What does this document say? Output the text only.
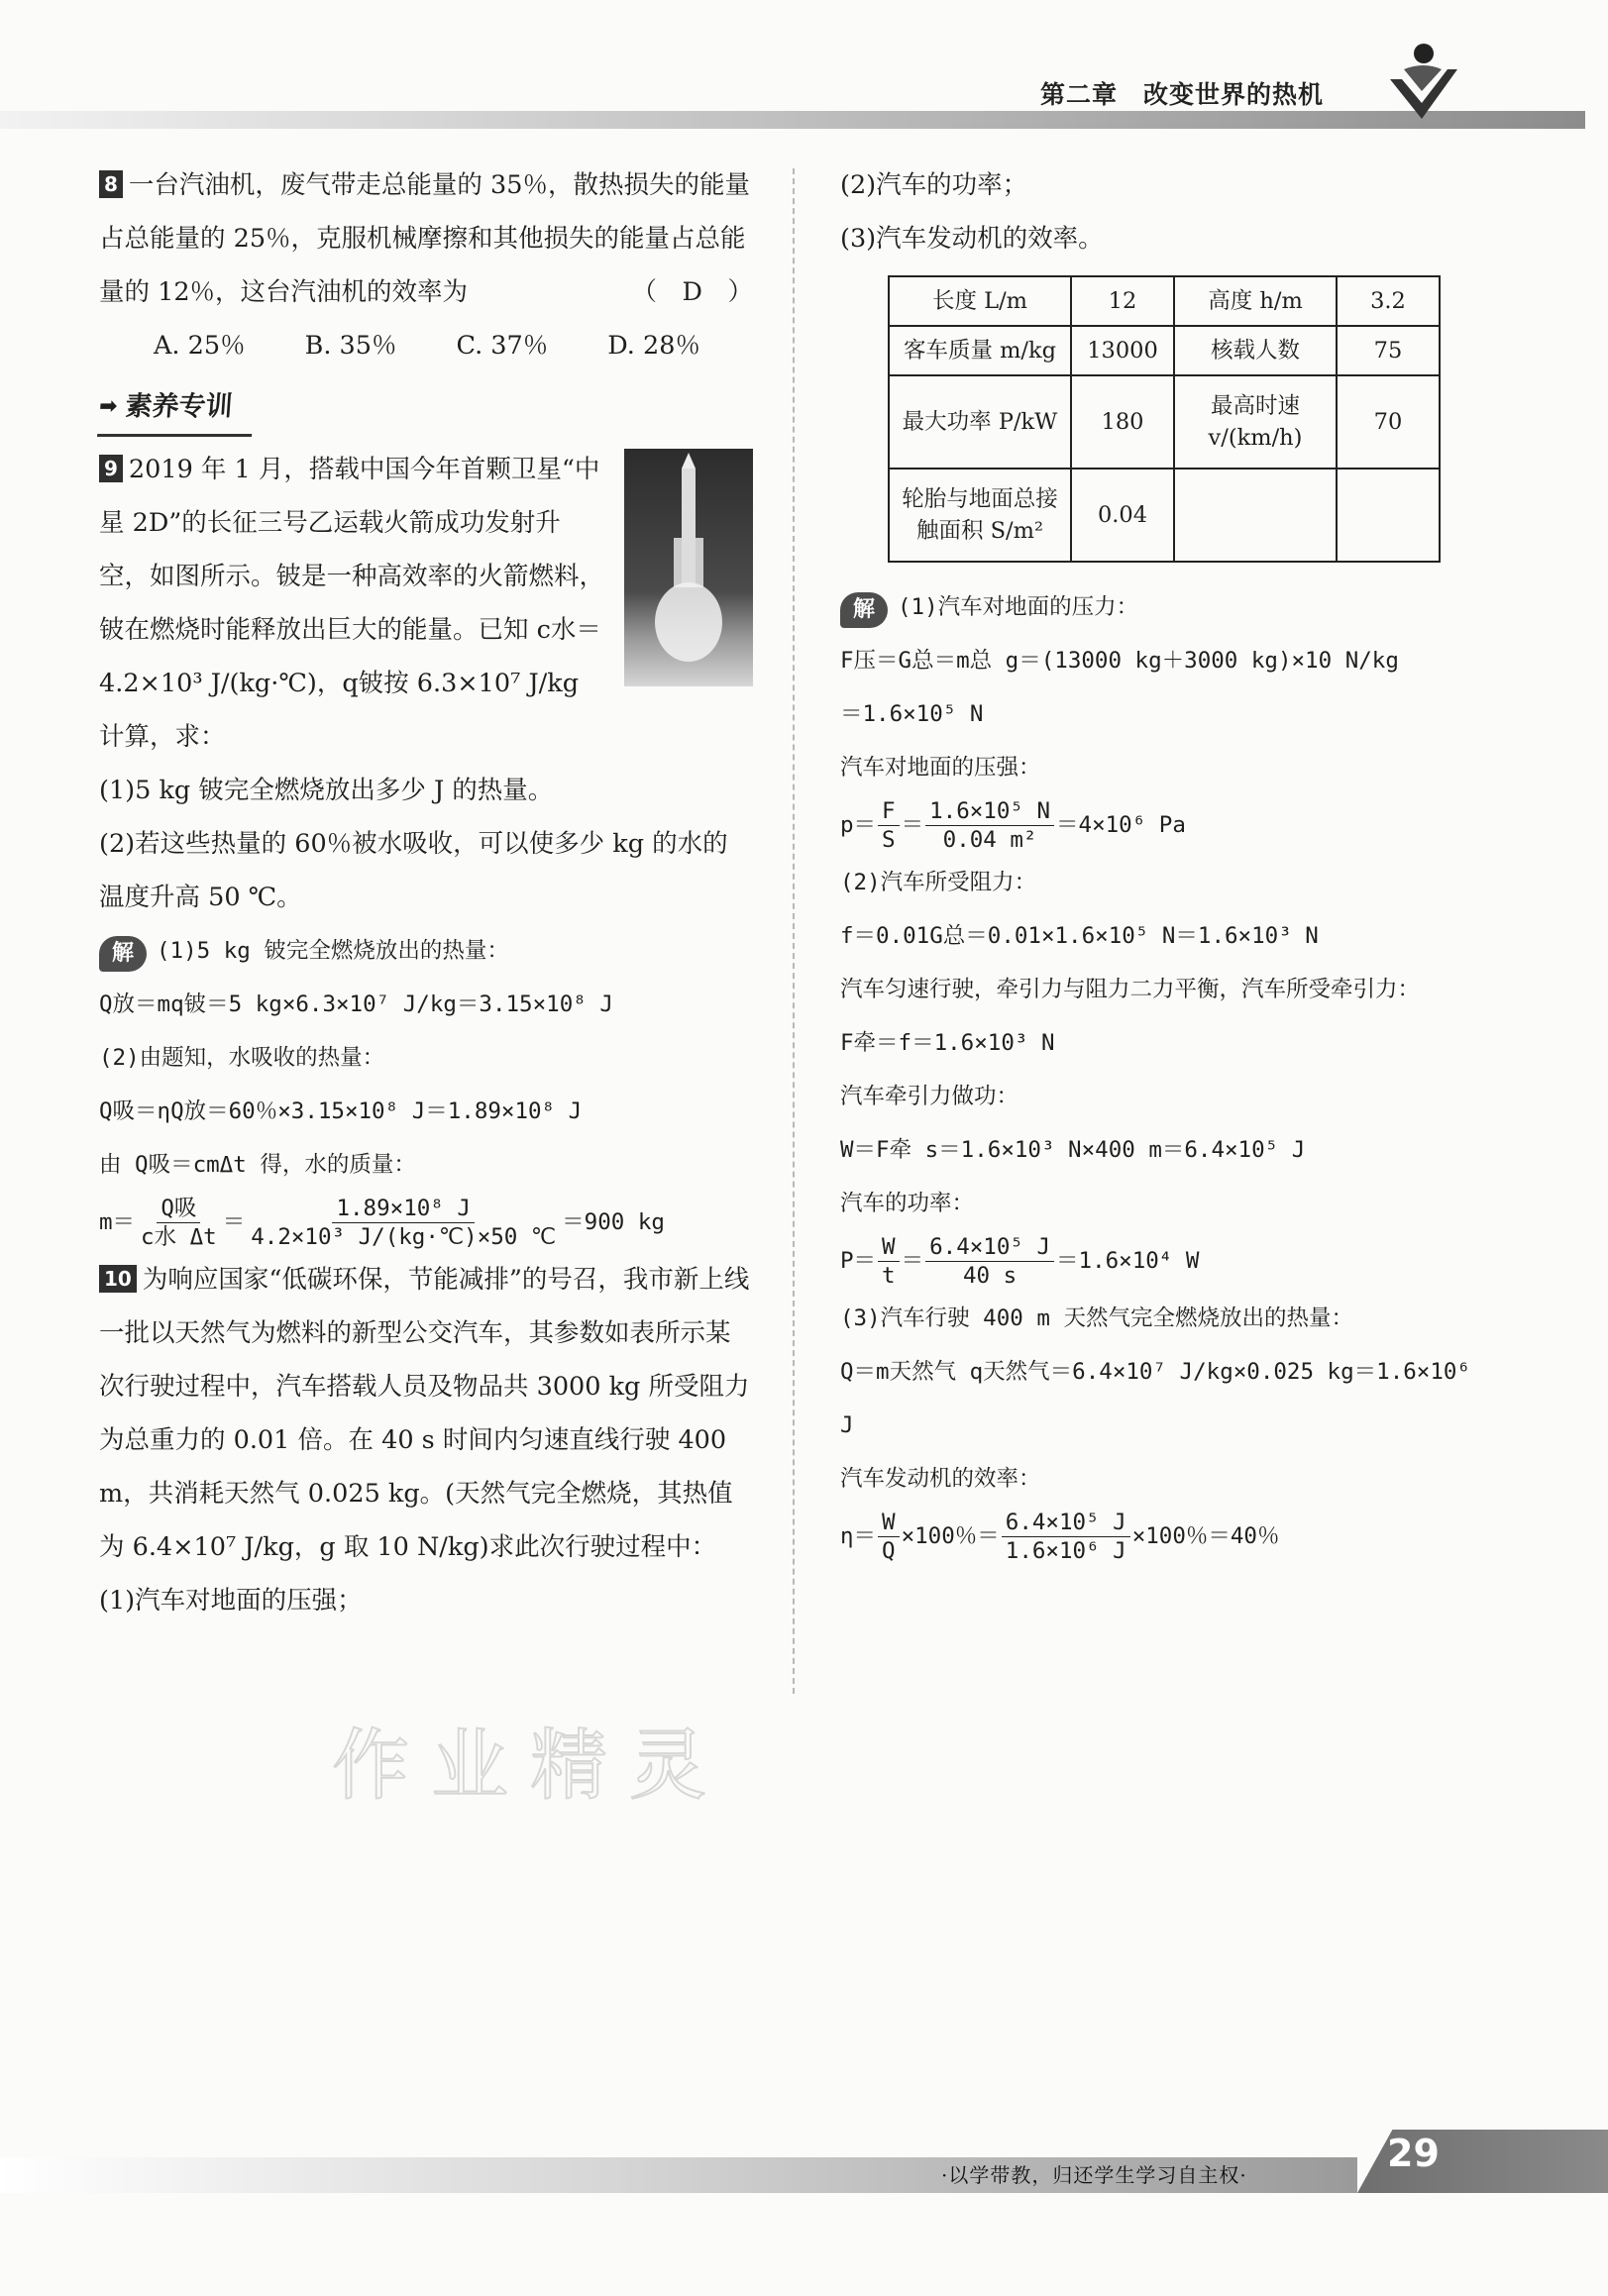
第二章　改变世界的热机

8 一台汽油机，废气带走总能量的 35％，散热损失的能量占总能量的 25％，克服机械摩擦和其他损失的能量占总能量的 12％，这台汽油机的效率为	（　D　）

A. 25％ B. 35％ C. 37％ D. 28％
➡ 素养专训

9 2019 年 1 月，搭载中国今年首颗卫星“中星 2D”的长征三号乙运载火箭成功发射升空，如图所示。铍是一种高效率的火箭燃料，铍在燃烧时能释放出巨大的能量。已知 c水＝4.2×10³ J/(kg·℃)，q铍按 6.3×10⁷ J/kg 计算，求：

(1)5 kg 铍完全燃烧放出多少 J 的热量。

(2)若这些热量的 60％被水吸收，可以使多少 kg 的水的温度升高 50 ℃。

解 (1)5 kg 铍完全燃烧放出的热量：
Q放＝mq铍＝5 kg×6.3×10⁷ J/kg＝3.15×10⁸ J
(2)由题知，水吸收的热量：
Q吸＝ηQ放＝60％×3.15×10⁸ J＝1.89×10⁸ J
由 Q吸＝cmΔt 得，水的质量：
$m= \frac{\text{Q吸}}{\text{c水 Δt}} = \frac{\text{1.89×10⁸ J}}{\text{4.2×10³ J/(kg·℃)×50 ℃}} =900$ kg

10 为响应国家“低碳环保，节能减排”的号召，我市新上线一批以天然气为燃料的新型公交汽车，其参数如表所示某次行驶过程中，汽车搭载人员及物品共 3000 kg 所受阻力为总重力的 0.01 倍。在 40 s 时间内匀速直线行驶 400 m，共消耗天然气 0.025 kg。(天然气完全燃烧，其热值为 6.4×10⁷ J/kg，g 取 10 N/kg)求此次行驶过程中：

(1)汽车对地面的压强；

(2)汽车的功率；

(3)汽车发动机的效率。

长度 L/m	12	高度 h/m	3.2
客车质量 m/kg	13000	核载人数	75
最大功率 P/kW	180	最高时速 v/(km/h)	70
轮胎与地面总接触面积 S/m²	0.04		
解 (1)汽车对地面的压力：
F压＝G总＝m总 g＝(13000 kg＋3000 kg)×10 N/kg
＝1.6×10⁵ N
汽车对地面的压强：
$p= \frac{F}{S} = \frac{\text{1.6×10⁵ N}}{\text{0.04 m²}} =4\times 10^6$ Pa
(2)汽车所受阻力：
f＝0.01G总＝0.01×1.6×10⁵ N＝1.6×10³ N
汽车匀速行驶，牵引力与阻力二力平衡，汽车所受牵引力：
F牵＝f＝1.6×10³ N
汽车牵引力做功：
W＝F牵 s＝1.6×10³ N×400 m＝6.4×10⁵ J
汽车的功率：
$P= \frac{W}{t} = \frac{\text{6.4×10⁵ J}}{40 s} =1.6\times 10^4$ W
(3)汽车行驶 400 m 天然气完全燃烧放出的热量：
Q＝m天然气 q天然气＝6.4×10⁷ J/kg×0.025 kg＝1.6×10⁶ J
汽车发动机的效率：
$\eta= \frac{W}{Q} \times 100$％＝ $\frac{\text{6.4×10⁵ J}}{\text{1.6×10⁶ J}} \times 100$％＝40％
作业精灵
·以学带教，归还学生学习自主权·	29
